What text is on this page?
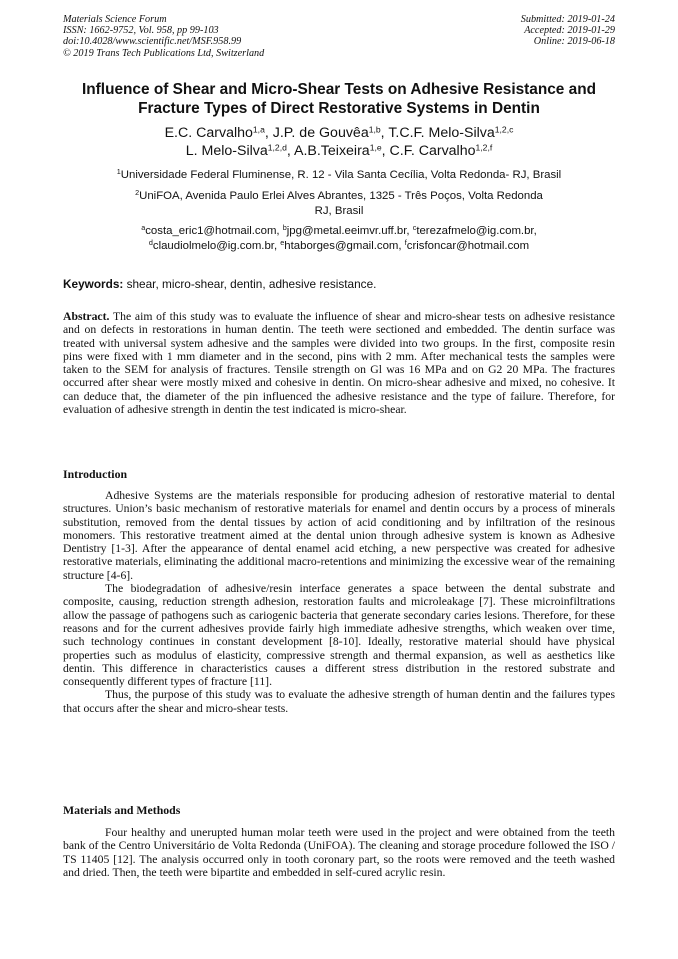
Materials Science Forum
ISSN: 1662-9752, Vol. 958, pp 99-103
doi:10.4028/www.scientific.net/MSF.958.99
© 2019 Trans Tech Publications Ltd, Switzerland
Submitted: 2019-01-24
Accepted: 2019-01-29
Online: 2019-06-18
Influence of Shear and Micro-Shear Tests on Adhesive Resistance and
Fracture Types of Direct Restorative Systems in Dentin
E.C. Carvalho$^{1,a}$, J.P. de Gouvêa$^{1,b}$, T.C.F. Melo-Silva$^{1,2,c}$
L. Melo-Silva$^{1,2,d}$, A.B.Teixeira$^{1,e}$, C.F. Carvalho$^{1,2,f}$
$^1$Universidade Federal Fluminense, R. 12 - Vila Santa Cecília, Volta Redonda- RJ, Brasil
$^2$UniFOA, Avenida Paulo Erlei Alves Abrantes, 1325 - Três Poços, Volta Redonda
RJ, Brasil
$^a$costa_eric1@hotmail.com, $^b$jpg@metal.eeimvr.uff.br, $^c$terezafmelo@ig.com.br,
$^d$claudiolmelo@ig.com.br, $^e$htaborges@gmail.com, $^f$crisfoncar@hotmail.com
Keywords: shear, micro-shear, dentin, adhesive resistance.
Abstract. The aim of this study was to evaluate the influence of shear and micro-shear tests on adhesive resistance and on defects in restorations in human dentin. The teeth were sectioned and embedded. The dentin surface was treated with universal system adhesive and the samples were divided into two groups. In the first, composite resin pins were fixed with 1 mm diameter and in the second, pins with 2 mm. After mechanical tests the samples were taken to the SEM for analysis of fractures. Tensile strength on Gl was 16 MPa and on G2 20 MPa. The fractures occurred after shear were mostly mixed and cohesive in dentin. On micro-shear adhesive and mixed, no cohesive. It can deduce that, the diameter of the pin influenced the adhesive resistance and the type of failure. Therefore, for evaluation of adhesive strength in dentin the test indicated is micro-shear.
Introduction

Adhesive Systems are the materials responsible for producing adhesion of restorative material to dental structures. Union’s basic mechanism of restorative materials for enamel and dentin occurs by a process of minerals substitution, removed from the dental tissues by action of acid conditioning and by infiltration of the resinous monomers. This restorative treatment aimed at the dental union through adhesive system is known as Adhesive Dentistry [1-3]. After the appearance of dental enamel acid etching, a new perspective was created for adhesive restorative materials, eliminating the additional macro-retentions and minimizing the excessive wear of the remaining structure [4-6].

The biodegradation of adhesive/resin interface generates a space between the dental substrate and composite, causing, reduction strength adhesion, restoration faults and microleakage [7]. These microinfiltrations allow the passage of pathogens such as cariogenic bacteria that generate secondary caries lesions. Therefore, for these reasons and for the current adhesives provide fairly high immediate adhesive strengths, which weaken over time, such technology continues in constant development [8-10]. Ideally, restorative material should have physical properties such as modulus of elasticity, compressive strength and thermal expansion, as well as aesthetics like dentin. This difference in characteristics causes a different stress distribution in the restored substrate and consequently different types of fracture [11].

Thus, the purpose of this study was to evaluate the adhesive strength of human dentin and the failures types that occurs after the shear and micro-shear tests.

Materials and Methods

Four healthy and unerupted human molar teeth were used in the project and were obtained from the teeth bank of the Centro Universitário de Volta Redonda (UniFOA). The cleaning and storage procedure followed the ISO / TS 11405 [12]. The analysis occurred only in tooth coronary part, so the roots were removed and the teeth washed and dried. Then, the teeth were bipartite and embedded in self-cured acrylic resin.
